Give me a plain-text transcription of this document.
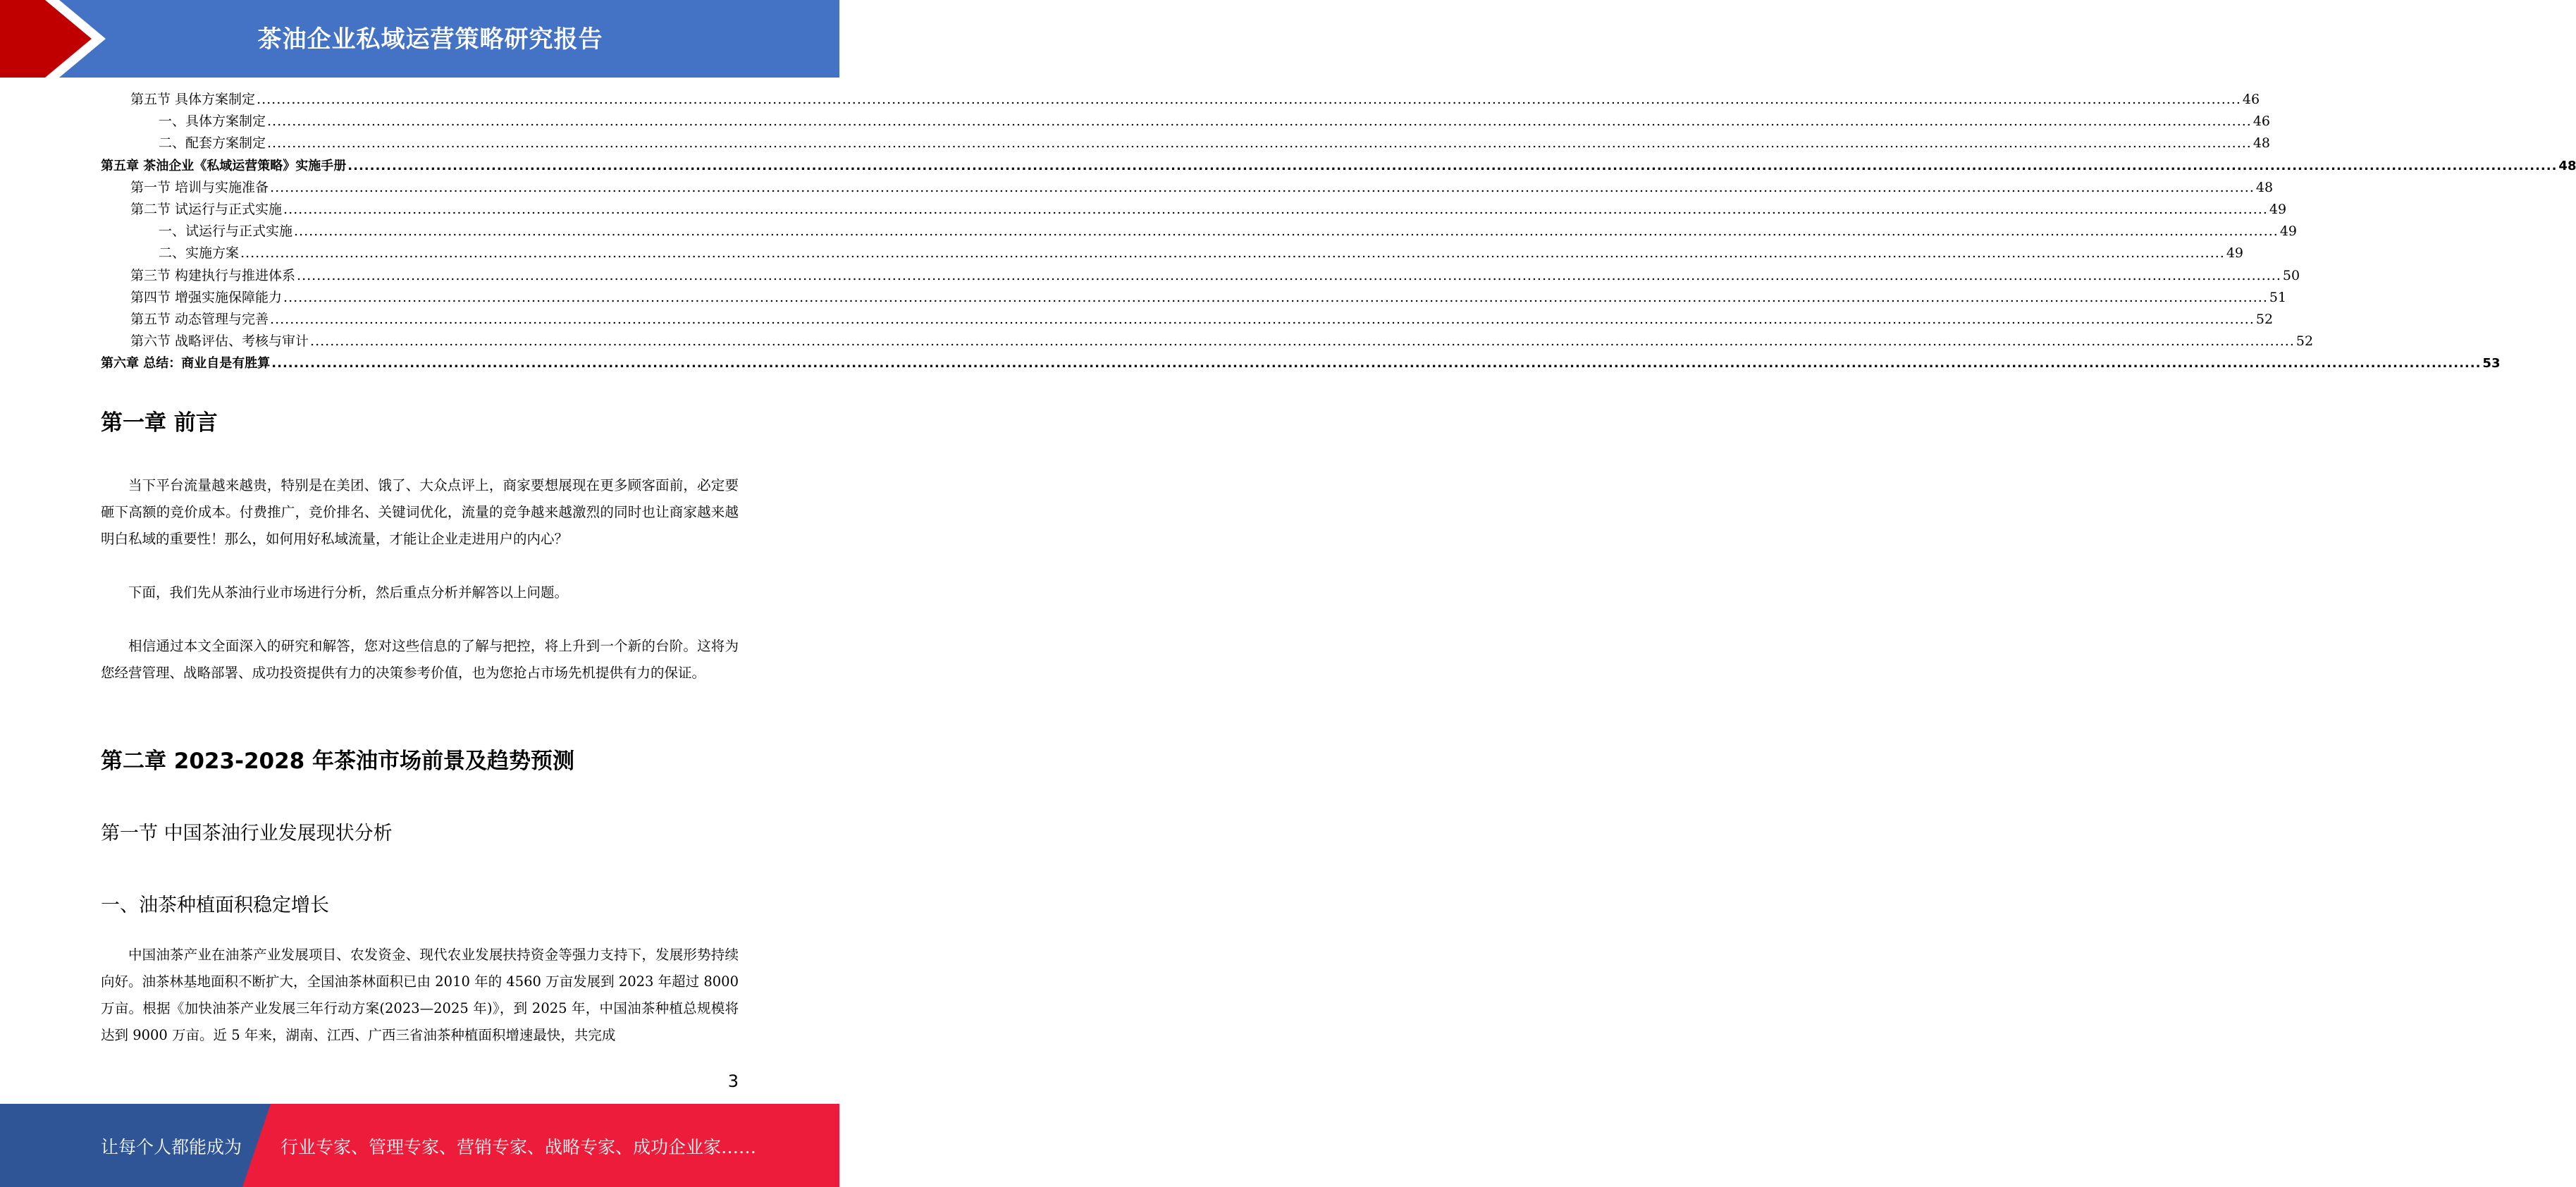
茶油企业私域运营策略研究报告
第五节 具体方案制定 ................................................................................................................................................................................................................................................................................................................................................................................................................ 46
一、具体方案制定 ................................................................................................................................................................................................................................................................................................................................................................................................................ 46
二、配套方案制定 ................................................................................................................................................................................................................................................................................................................................................................................................................ 48
第五章 茶油企业《私域运营策略》实施手册 ................................................................................................................................................................................................................................................................................................................................................................................................................ 48
第一节 培训与实施准备 ................................................................................................................................................................................................................................................................................................................................................................................................................ 48
第二节 试运行与正式实施 ................................................................................................................................................................................................................................................................................................................................................................................................................ 49
一、试运行与正式实施 ................................................................................................................................................................................................................................................................................................................................................................................................................ 49
二、实施方案 ................................................................................................................................................................................................................................................................................................................................................................................................................ 49
第三节 构建执行与推进体系 ................................................................................................................................................................................................................................................................................................................................................................................................................ 50
第四节 增强实施保障能力 ................................................................................................................................................................................................................................................................................................................................................................................................................ 51
第五节 动态管理与完善 ................................................................................................................................................................................................................................................................................................................................................................................................................ 52
第六节 战略评估、考核与审计 ................................................................................................................................................................................................................................................................................................................................................................................................................ 52
第六章 总结：商业自是有胜算 ................................................................................................................................................................................................................................................................................................................................................................................................................ 53
第一章 前言
当下平台流量越来越贵，特别是在美团、饿了、大众点评上，商家要想展现在更多顾客面前，必定要砸下高额的竞价成本。付费推广，竞价排名、关键词优化，流量的竞争越来越激烈的同时也让商家越来越明白私域的重要性！那么，如何用好私域流量，才能让企业走进用户的内心？
下面，我们先从茶油行业市场进行分析，然后重点分析并解答以上问题。
相信通过本文全面深入的研究和解答，您对这些信息的了解与把控，将上升到一个新的台阶。这将为您经营管理、战略部署、成功投资提供有力的决策参考价值，也为您抢占市场先机提供有力的保证。
第二章 2023-2028 年茶油市场前景及趋势预测
第一节 中国茶油行业发展现状分析
一、油茶种植面积稳定增长
中国油茶产业在油茶产业发展项目、农发资金、现代农业发展扶持资金等强力支持下，发展形势持续向好。油茶林基地面积不断扩大，全国油茶林面积已由 2010 年的 4560 万亩发展到 2023 年超过 8000 万亩。根据《加快油茶产业发展三年行动方案(2023—2025 年)》，到 2025 年，中国油茶种植总规模将达到 9000 万亩。近 5 年来，湖南、江西、广西三省油茶种植面积增速最快，共完成
3
让每个人都能成为 行业专家、管理专家、营销专家、战略专家、成功企业家……
